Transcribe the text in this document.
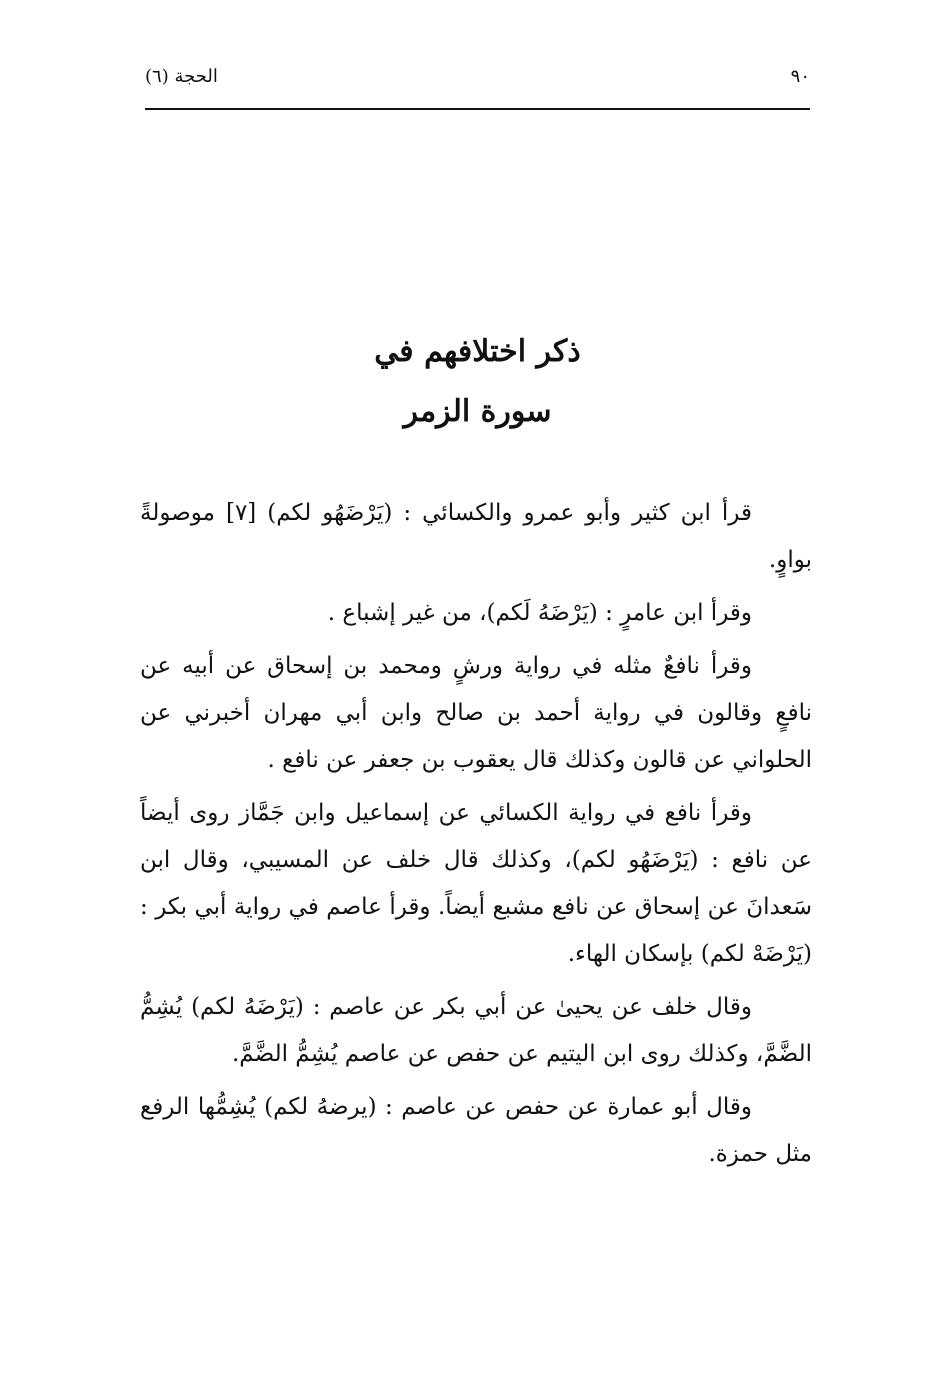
٩٠
الحجة (٦)
ذكر اختلافهم في
سورة الزمر

قرأ ابن كثير وأبو عمرو والكسائي : (يَرْضَهُو لكم) [٧] موصولةً بواوٍ.

وقرأ ابن عامرٍ : (يَرْضَهُ لَكم)، من غير إشباع .

وقرأ نافعٌ مثله في رواية ورشٍ ومحمد بن إسحاق عن أبيه عن نافعٍ وقالون في رواية أحمد بن صالح وابن أبي مهران أخبرني عن الحلواني عن قالون وكذلك قال يعقوب بن جعفر عن نافع .

وقرأ نافع في رواية الكسائي عن إسماعيل وابن جَمَّاز روى أيضاً عن نافع : (يَرْضَهُو لكم)، وكذلك قال خلف عن المسيبي، وقال ابن سَعدانَ عن إسحاق عن نافع مشبع أيضاً. وقرأ عاصم في رواية أبي بكر : (يَرْضَهْ لكم) بإسكان الهاء.

وقال خلف عن يحيىٰ عن أبي بكر عن عاصم : (يَرْضَهُ لكم) يُشِمُّ الضَّمَّ، وكذلك روى ابن اليتيم عن حفص عن عاصم يُشِمُّ الضَّمَّ.

وقال أبو عمارة عن حفص عن عاصم : (يرضهُ لكم) يُشِمُّها الرفع مثل حمزة.
